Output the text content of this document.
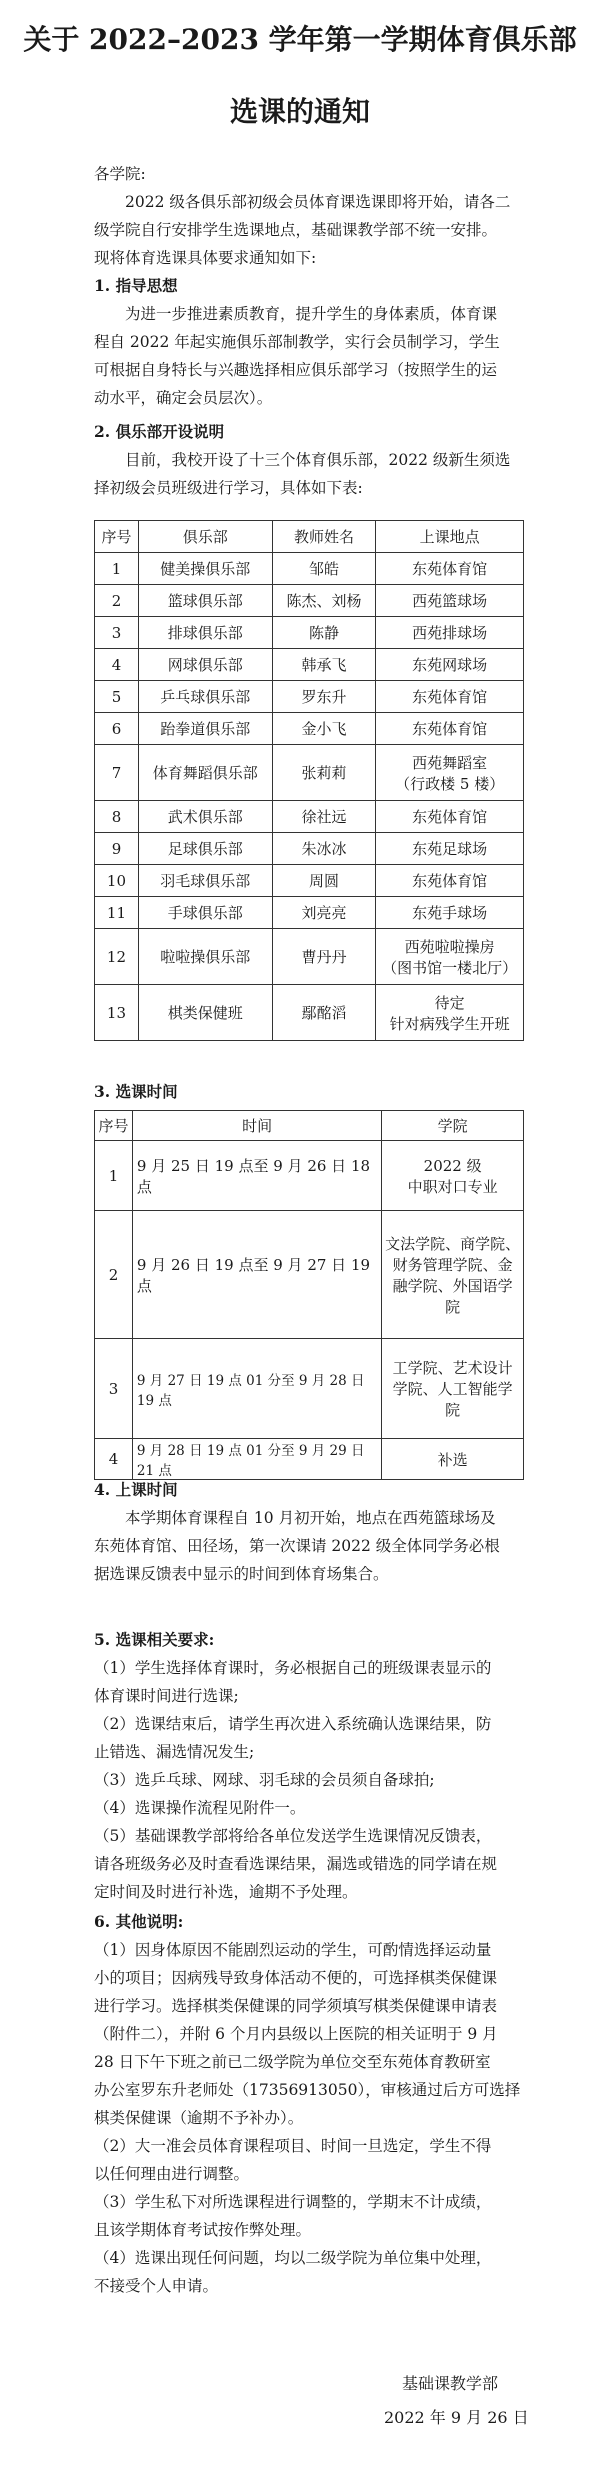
关于 2022–2023 学年第一学期体育俱乐部
选课的通知
各学院:
　　2022 级各俱乐部初级会员体育课选课即将开始，请各二
级学院自行安排学生选课地点，基础课教学部不统一安排。
现将体育选课具体要求通知如下:
1. 指导思想
　　为进一步推进素质教育，提升学生的身体素质，体育课
程自 2022 年起实施俱乐部制教学，实行会员制学习，学生
可根据自身特长与兴趣选择相应俱乐部学习（按照学生的运
动水平，确定会员层次）。
2. 俱乐部开设说明
　　目前，我校开设了十三个体育俱乐部，2022 级新生须选
择初级会员班级进行学习，具体如下表:
序号	俱乐部	教师姓名	上课地点
1	健美操俱乐部	邹皓	东苑体育馆
2	篮球俱乐部	陈杰、刘杨	西苑篮球场
3	排球俱乐部	陈静	西苑排球场
4	网球俱乐部	韩承飞	东苑网球场
5	乒乓球俱乐部	罗东升	东苑体育馆
6	跆拳道俱乐部	金小飞	东苑体育馆
7	体育舞蹈俱乐部	张莉莉	西苑舞蹈室
（行政楼 5 楼）

8	武术俱乐部	徐社远	东苑体育馆
9	足球俱乐部	朱冰冰	东苑足球场
10	羽毛球俱乐部	周圆	东苑体育馆
11	手球俱乐部	刘亮亮	东苑手球场
12	啦啦操俱乐部	曹丹丹	西苑啦啦操房
（图书馆一楼北厅）

13	棋类保健班	鄢酩滔	待定
针对病残学生开班
3. 选课时间
序号	时间	学院
1	9 月 25 日 19 点至 9 月 26 日 18 点	2022 级
中职对口专业

2	9 月 26 日 19 点至 9 月 27 日 19 点	文法学院、商学院、
财务管理学院、金
融学院、外国语学
院

3	9 月 27 日 19 点 01 分至 9 月 28 日 19 点	工学院、艺术设计
学院、人工智能学
院

4	9 月 28 日 19 点 01 分至 9 月 29 日 21 点	补选
4. 上课时间
　　本学期体育课程自 10 月初开始，地点在西苑篮球场及
东苑体育馆、田径场，第一次课请 2022 级全体同学务必根
据选课反馈表中显示的时间到体育场集合。
5. 选课相关要求:
（1）学生选择体育课时，务必根据自己的班级课表显示的
体育课时间进行选课;
（2）选课结束后，请学生再次进入系统确认选课结果，防
止错选、漏选情况发生;
（3）选乒乓球、网球、羽毛球的会员须自备球拍;
（4）选课操作流程见附件一。
（5）基础课教学部将给各单位发送学生选课情况反馈表，
请各班级务必及时查看选课结果，漏选或错选的同学请在规
定时间及时进行补选，逾期不予处理。
6. 其他说明:
（1）因身体原因不能剧烈运动的学生，可酌情选择运动量
小的项目；因病残导致身体活动不便的，可选择棋类保健课
进行学习。选择棋类保健课的同学须填写棋类保健课申请表
（附件二），并附 6 个月内县级以上医院的相关证明于 9 月
28 日下午下班之前已二级学院为单位交至东苑体育教研室
办公室罗东升老师处（17356913050），审核通过后方可选择
棋类保健课（逾期不予补办）。
（2）大一准会员体育课程项目、时间一旦选定，学生不得
以任何理由进行调整。
（3）学生私下对所选课程进行调整的，学期末不计成绩，
且该学期体育考试按作弊处理。
（4）选课出现任何问题，均以二级学院为单位集中处理，
不接受个人申请。
基础课教学部
2022 年 9 月 26 日
